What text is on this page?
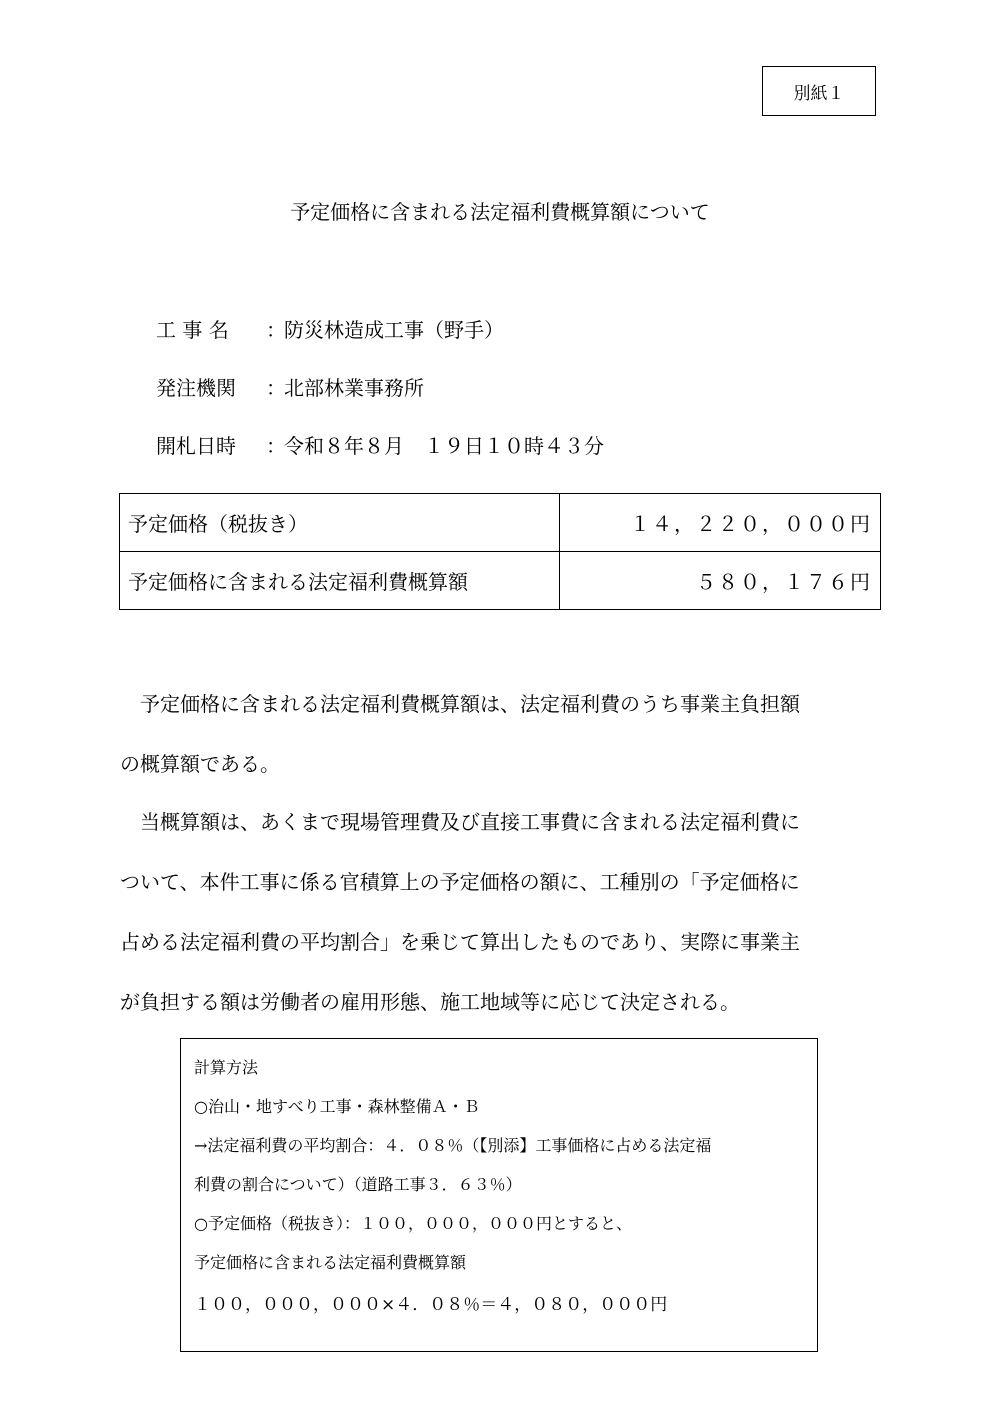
別紙１
予定価格に含まれる法定福利費概算額について
工 事 名 ：防災林造成工事（野手）
発注機関 ：北部林業事務所
開札日時 ：令和８年８月　１９日１０時４３分
予定価格（税抜き）	１４，２２０，０００円
予定価格に含まれる法定福利費概算額	５８０，１７６円
　予定価格に含まれる法定福利費概算額は、法定福利費のうち事業主負担額
の概算額である。
　当概算額は、あくまで現場管理費及び直接工事費に含まれる法定福利費に
ついて、本件工事に係る官積算上の予定価格の額に、工種別の「予定価格に
占める法定福利費の平均割合」を乗じて算出したものであり、実際に事業主
が負担する額は労働者の雇用形態、施工地域等に応じて決定される。
計算方法
○治山・地すべり工事・森林整備Ａ・Ｂ
→法定福利費の平均割合：４．０８％（【別添】工事価格に占める法定福
利費の割合について）（道路工事３．６３％）
○予定価格（税抜き）：１００，０００，０００円とすると、
予定価格に含まれる法定福利費概算額
１００，０００，０００×４．０８％＝４，０８０，０００円
